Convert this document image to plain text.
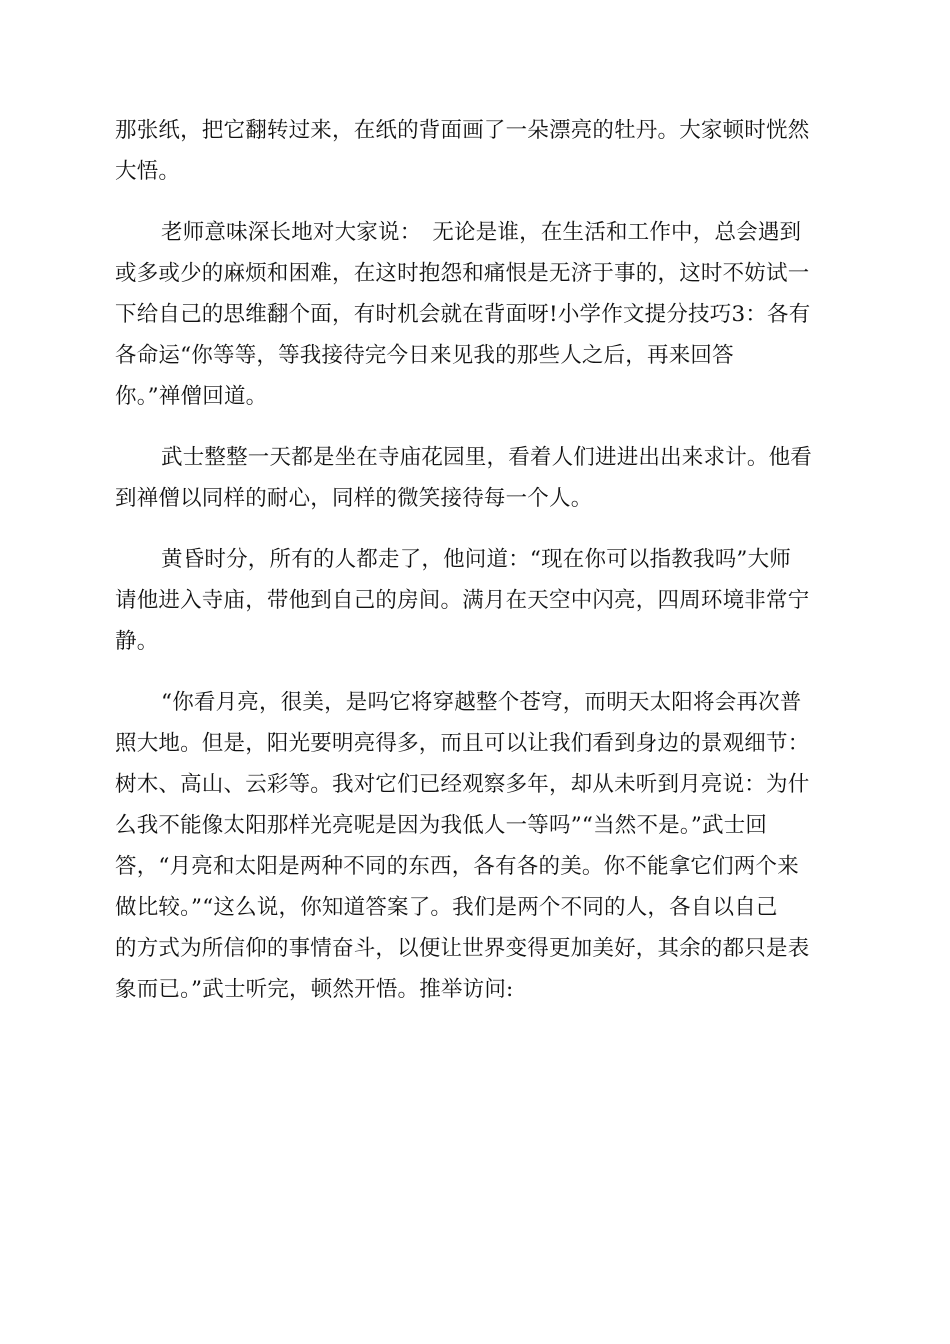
那张纸，把它翻转过来，在纸的背面画了一朵漂亮的牡丹。大家顿时恍然
大悟。

老师意味深长地对大家说：　无论是谁，在生活和工作中，总会遇到
或多或少的麻烦和困难，在这时抱怨和痛恨是无济于事的，这时不妨试一
下给自己的思维翻个面，有时机会就在背面呀!小学作文提分技巧3：各有
各命运“你等等，等我接待完今日来见我的那些人之后，再来回答
你。”禅僧回道。

武士整整一天都是坐在寺庙花园里，看着人们进进出出来求计。他看
到禅僧以同样的耐心，同样的微笑接待每一个人。

黄昏时分，所有的人都走了，他问道：“现在你可以指教我吗”大师
请他进入寺庙，带他到自己的房间。满月在天空中闪亮，四周环境非常宁
静。

“你看月亮，很美，是吗它将穿越整个苍穹，而明天太阳将会再次普
照大地。但是，阳光要明亮得多，而且可以让我们看到身边的景观细节：
树木、高山、云彩等。我对它们已经观察多年，却从未听到月亮说：为什
么我不能像太阳那样光亮呢是因为我低人一等吗”“当然不是。”武士回
答，“月亮和太阳是两种不同的东西，各有各的美。你不能拿它们两个来
做比较。”“这么说，你知道答案了。我们是两个不同的人，各自以自己
的方式为所信仰的事情奋斗，以便让世界变得更加美好，其余的都只是表
象而已。”武士听完，顿然开悟。推举访问:
